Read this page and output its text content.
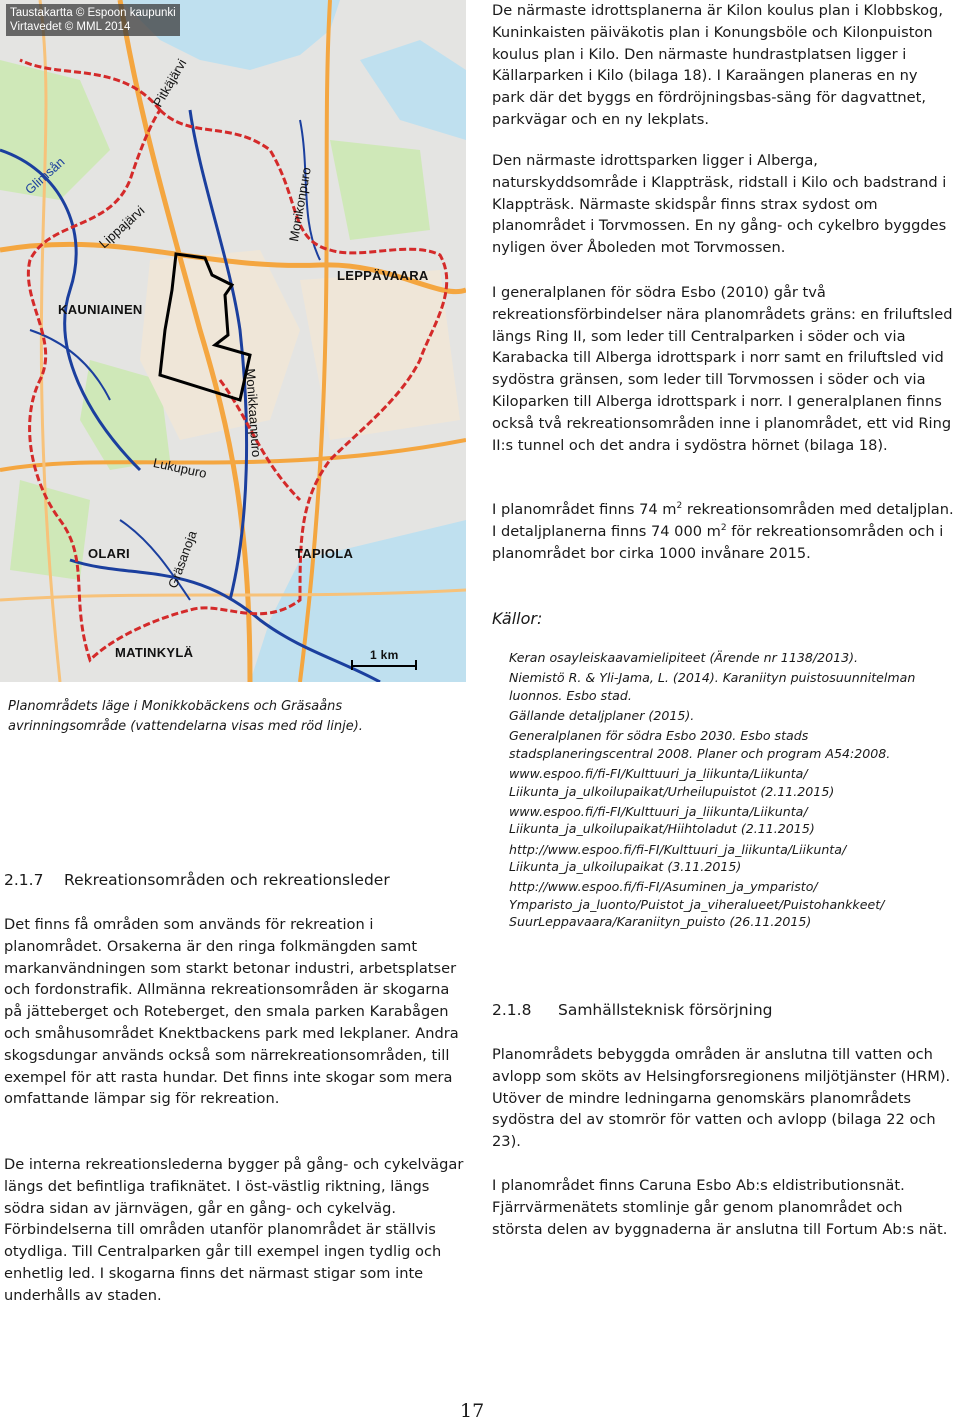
Taustakartta © Espoon kaupunki
Virtavedet © MML 2014
KAUNIAINEN
LEPPÄVAARA
OLARI	TAPIOLA
MATINKYLÄ
Glimsån
Pitkäjärvi
Lippajärvi	Monikonpuro
Monikkaanpuro
Lukupuro
Gräsanoja
1 km
Planområdets läge i Monikkobäckens och Gräsaåns avrinningsområde (vattendelarna visas med röd linje).

De närmaste idrottsplanerna är Kilon koulus plan i Klobbskog, Kuninkaisten päiväkotis plan i Konungsböle och Kilonpuiston koulus plan i Kilo. Den närmaste hundrastplatsen ligger i Källarparken i Kilo (bilaga 18). I Karaängen planeras en ny park där det byggs en fördröjningsbas-säng för dagvattnet, parkvägar och en ny lekplats.

Den närmaste idrottsparken ligger i Alberga, naturskyddsområde i Klappträsk, ridstall i Kilo och badstrand i Klappträsk. Närmaste skidspår finns strax sydost om planområdet i Torvmossen. En ny gång- och cykelbro byggdes nyligen över Åboleden mot Torvmossen.

I generalplanen för södra Esbo (2010) går två rekreationsförbindelser nära planområdets gräns: en friluftsled längs Ring II, som leder till Centralparken i söder och via Karabacka till Alberga idrottspark i norr samt en friluftsled vid sydöstra gränsen, som leder till Torvmossen i söder och via Kiloparken till Alberga idrottspark i norr. I generalplanen finns också två rekreationsområden inne i planområdet, ett vid Ring II:s tunnel och det andra i sydöstra hörnet (bilaga 18).

I planområdet finns 74 $m^2$ rekreationsområden med detaljplan. I detaljplanerna finns 74 000 $m^2$ för rekreationsområden och i planområdet bor cirka 1000 invånare 2015.

Källor:
Keran osayleiskaavamielipiteet (Ärende nr 1138/2013).
Niemistö R. & Yli-Jama, L. (2014). Karaniityn puistosuunnitelman luonnos. Esbo stad.
Gällande detaljplaner (2015).
Generalplanen för södra Esbo 2030. Esbo stads stadsplaneringscentral 2008. Planer och program A54:2008.
www.espoo.fi/fi-FI/Kulttuuri_ja_liikunta/Liikunta/ Liikunta_ja_ulkoilupaikat/Urheilupuistot (2.11.2015)
www.espoo.fi/fi-FI/Kulttuuri_ja_liikunta/Liikunta/ Liikunta_ja_ulkoilupaikat/Hiihtoladut (2.11.2015)
http://www.espoo.fi/fi-FI/Kulttuuri_ja_liikunta/Liikunta/ Liikunta_ja_ulkoilupaikat (3.11.2015)
http://www.espoo.fi/fi-FI/Asuminen_ja_ymparisto/ Ymparisto_ja_luonto/Puistot_ja_viheralueet/Puistohankkeet/ SuurLeppavaara/Karaniityn_puisto (26.11.2015)
2.1.7 Rekreationsområden och rekreationsleder

Det finns få områden som används för rekreation i planområdet. Orsakerna är den ringa folkmängden samt markanvändningen som starkt betonar industri, arbetsplatser och fordonstrafik. Allmänna rekreationsområden är skogarna på jätteberget och Roteberget, den smala parken Karabågen och småhusområdet Knektbackens park med lekplaner. Andra skogsdungar används också som närrekreationsområden, till exempel för att rasta hundar. Det finns inte skogar som mera omfattande lämpar sig för rekreation.

De interna rekreationslederna bygger på gång- och cykelvägar längs det befintliga trafiknätet. I öst-västlig riktning, längs södra sidan av järnvägen, går en gång- och cykelväg. Förbindelserna till områden utanför planområdet är ställvis otydliga. Till Centralparken går till exempel ingen tydlig och enhetlig led. I skogarna finns det närmast stigar som inte underhålls av staden.

2.1.8 Samhällsteknisk försörjning

Planområdets bebyggda områden är anslutna till vatten och avlopp som sköts av Helsingforsregionens miljötjänster (HRM). Utöver de mindre ledningarna genomskärs planområdets sydöstra del av stomrör för vatten och avlopp (bilaga 22 och 23).

I planområdet finns Caruna Esbo Ab:s eldistributionsnät. Fjärrvärmenätets stomlinje går genom planområdet och största delen av byggnaderna är anslutna till Fortum Ab:s nät.

17
